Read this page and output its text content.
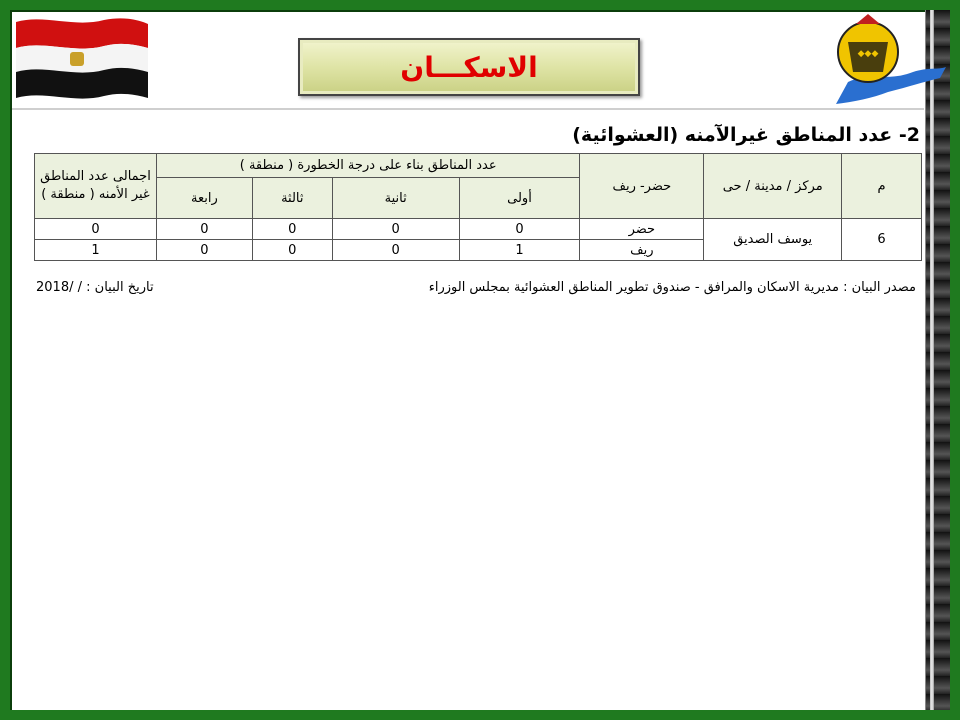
◆◆◆
الاسكـــان
2- عدد المناطق غيرالآمنه (العشوائية)
م	مركز / مدينة / حى	حضر- ريف	عدد المناطق بناء على درجة الخطورة ( منطقة )				اجمالى عدد المناطق غير الأمنه ( منطقة )
			أولى	ثانية	ثالثة	رابعة	
6	يوسف الصديق	حضر	0	0	0	0	0
		ريف	1	0	0	0	1
مصدر البيان : مديرية الاسكان والمرافق - صندوق تطوير المناطق العشوائية بمجلس الوزراء
تاريخ البيان : / /2018
